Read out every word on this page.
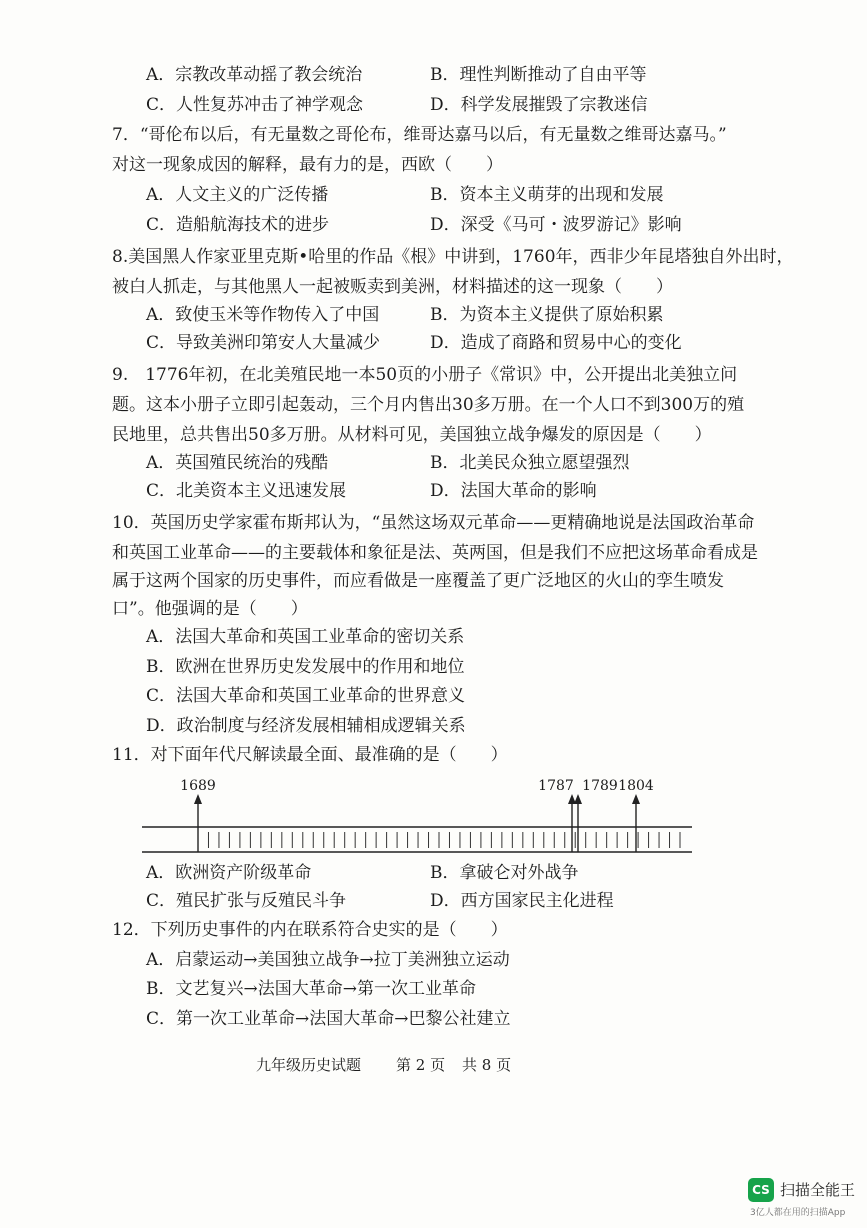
A．宗教改革动摇了教会统治	B．理性判断推动了自由平等
C．人性复苏冲击了神学观念	D．科学发展摧毁了宗教迷信
7．“哥伦布以后，有无量数之哥伦布，维哥达嘉马以后，有无量数之维哥达嘉马。”
对这一现象成因的解释，最有力的是，西欧（　　）
A．人文主义的广泛传播	B．资本主义萌芽的出现和发展
C．造船航海技术的进步	D．深受《马可・波罗游记》影响
8.美国黑人作家亚里克斯•哈里的作品《根》中讲到，1760年，西非少年昆塔独自外出时，
被白人抓走，与其他黑人一起被贩卖到美洲，材料描述的这一现象（　　）
A．致使玉米等作物传入了中国	B．为资本主义提供了原始积累
C．导致美洲印第安人大量减少	D．造成了商路和贸易中心的变化
9.　1776年初，在北美殖民地一本50页的小册子《常识》中，公开提出北美独立问
题。这本小册子立即引起轰动，三个月内售出30多万册。在一个人口不到300万的殖
民地里，总共售出50多万册。从材料可见，美国独立战争爆发的原因是（　　）
A．英国殖民统治的残酷	B．北美民众独立愿望强烈
C．北美资本主义迅速发展	D．法国大革命的影响
10．英国历史学家霍布斯邦认为，“虽然这场双元革命——更精确地说是法国政治革命
和英国工业革命——的主要载体和象征是法、英两国，但是我们不应把这场革命看成是
属于这两个国家的历史事件，而应看做是一座覆盖了更广泛地区的火山的孪生喷发
口”。他强调的是（　　）
A．法国大革命和英国工业革命的密切关系
B．欧洲在世界历史发发展中的作用和地位
C．法国大革命和英国工业革命的世界意义
D．政治制度与经济发展相辅相成逻辑关系
11．对下面年代尺解读最全面、最准确的是（　　）
1689	1787 1789 1804
A．欧洲资产阶级革命	B．拿破仑对外战争
C．殖民扩张与反殖民斗争	D．西方国家民主化进程
12．下列历史事件的内在联系符合史实的是（　　）
A．启蒙运动→美国独立战争→拉丁美洲独立运动
B．文艺复兴→法国大革命→第一次工业革命
C．第一次工业革命→法国大革命→巴黎公社建立
九年级历史试题 第 2 页 共 8 页
CS 扫描全能王
3亿人都在用的扫描App
